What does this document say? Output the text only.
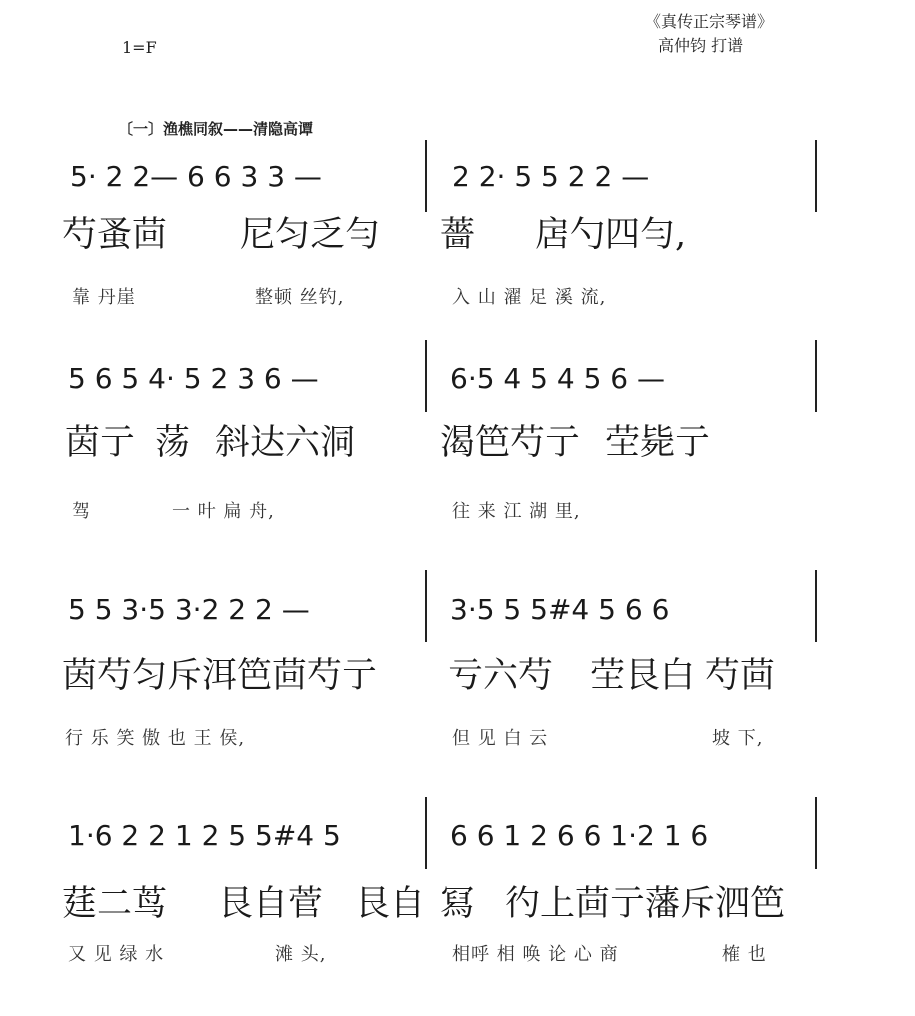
1=F
《真传正宗琴谱》
高仲钧 打谱
〔一〕渔樵同叙——清隐高谭
5· 2 2— 6 6 3 3 —	2 2· 5 5 2 2 —
芍蚤茴 尼匀乏勻 薔 扂勺四勻,
靠 丹崖	整顿 丝钓,	入 山 濯 足 溪 流,
5 6 5 4· 5 2 3 6 —	6·5 4 5 4 5 6 —
茵亍 荡 斜达六洞 渴笆芍亍 茔毙亍
驾	一 叶 扁 舟,	往 来 江 湖 里,
5 5 3·5 3·2 2 2 —	3·5 5 5#4 5 6 6
茵芍匀斥洱笆茴芍亍 亏六芍 茔艮白 芍茴
行 乐 笑 傲 也 王 侯,	但 见 白 云	坡 下,
1·6 2 2 1 2 5 5#4 5	6 6 1 2 6 6 1·2 1 6
莛二茑 艮自菅 艮自 冩 彴上茴亍藩斥泗笆
又 见 绿 水	滩 头,	相呼 相 唤 论 心 商	榷 也
